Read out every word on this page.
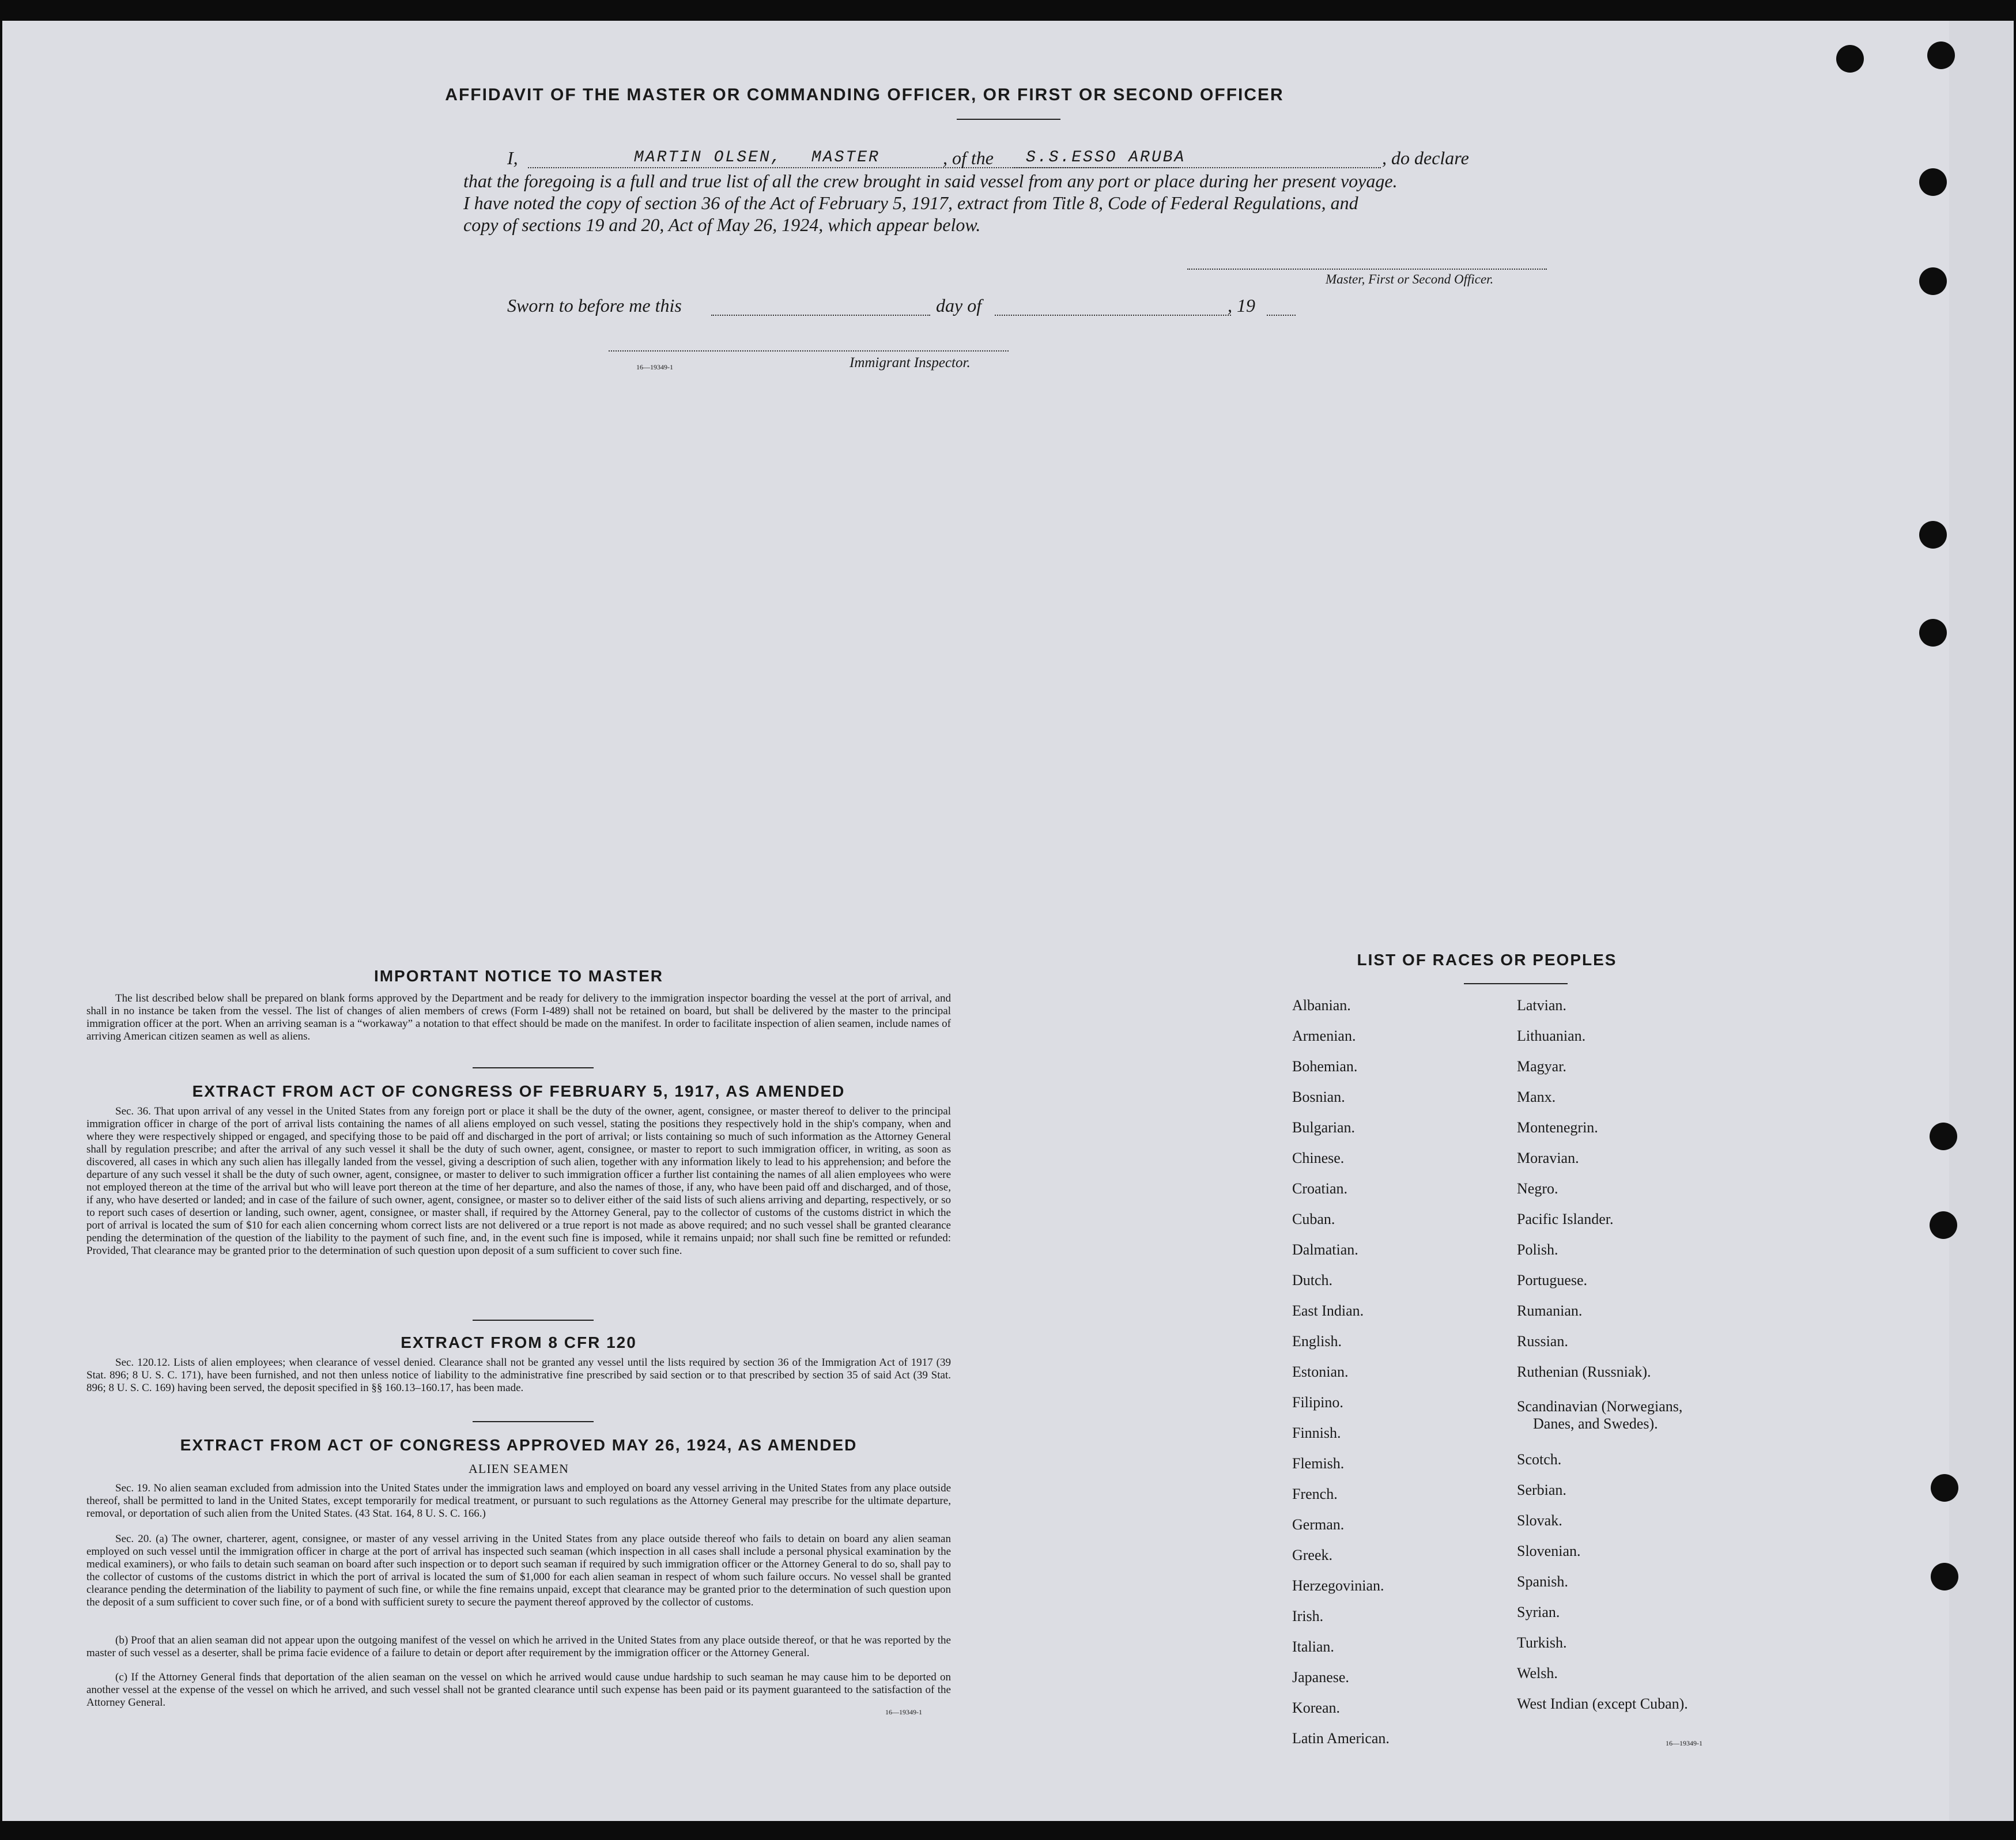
AFFIDAVIT OF THE MASTER OR COMMANDING OFFICER, OR FIRST OR SECOND OFFICER
I,	MARTIN OLSEN, MASTER	, of the S.S.ESSO ARUBA	, do declare
that the foregoing is a full and true list of all the crew brought in said vessel from any port or place during her present voyage.
I have noted the copy of section 36 of the Act of February 5, 1917, extract from Title 8, Code of Federal Regulations, and
copy of sections 19 and 20, Act of May 26, 1924, which appear below.
Master, First or Second Officer.
Sworn to before me this	day of	, 19
16—19349-1	Immigrant Inspector.
IMPORTANT NOTICE TO MASTER
The list described below shall be prepared on blank forms approved by the Department and be ready for delivery to the immigration inspector boarding the vessel at the port of arrival, and shall in no instance be taken from the vessel. The list of changes of alien members of crews (Form I-489) shall not be retained on board, but shall be delivered by the master to the principal immigration officer at the port. When an arriving seaman is a “workaway” a notation to that effect should be made on the manifest. In order to facilitate inspection of alien seamen, include names of arriving American citizen seamen as well as aliens.
EXTRACT FROM ACT OF CONGRESS OF FEBRUARY 5, 1917, AS AMENDED
Sec. 36. That upon arrival of any vessel in the United States from any foreign port or place it shall be the duty of the owner, agent, consignee, or master thereof to deliver to the principal immigration officer in charge of the port of arrival lists containing the names of all aliens employed on such vessel, stating the positions they respectively hold in the ship's company, when and where they were respectively shipped or engaged, and specifying those to be paid off and discharged in the port of arrival; or lists containing so much of such information as the Attorney General shall by regulation prescribe; and after the arrival of any such vessel it shall be the duty of such owner, agent, consignee, or master to report to such immigration officer, in writing, as soon as discovered, all cases in which any such alien has illegally landed from the vessel, giving a description of such alien, together with any information likely to lead to his apprehension; and before the departure of any such vessel it shall be the duty of such owner, agent, consignee, or master to deliver to such immigration officer a further list containing the names of all alien employees who were not employed thereon at the time of the arrival but who will leave port thereon at the time of her departure, and also the names of those, if any, who have been paid off and discharged, and of those, if any, who have deserted or landed; and in case of the failure of such owner, agent, consignee, or master so to deliver either of the said lists of such aliens arriving and departing, respectively, or so to report such cases of desertion or landing, such owner, agent, consignee, or master shall, if required by the Attorney General, pay to the collector of customs of the customs district in which the port of arrival is located the sum of $10 for each alien concerning whom correct lists are not delivered or a true report is not made as above required; and no such vessel shall be granted clearance pending the determination of the question of the liability to the payment of such fine, and, in the event such fine is imposed, while it remains unpaid; nor shall such fine be remitted or refunded: Provided, That clearance may be granted prior to the determination of such question upon deposit of a sum sufficient to cover such fine.
EXTRACT FROM 8 CFR 120
Sec. 120.12. Lists of alien employees; when clearance of vessel denied. Clearance shall not be granted any vessel until the lists required by section 36 of the Immigration Act of 1917 (39 Stat. 896; 8 U. S. C. 171), have been furnished, and not then unless notice of liability to the administrative fine prescribed by said section or to that prescribed by section 35 of said Act (39 Stat. 896; 8 U. S. C. 169) having been served, the deposit specified in §§ 160.13–160.17, has been made.
EXTRACT FROM ACT OF CONGRESS APPROVED MAY 26, 1924, AS AMENDED
ALIEN SEAMEN
Sec. 19. No alien seaman excluded from admission into the United States under the immigration laws and employed on board any vessel arriving in the United States from any place outside thereof, shall be permitted to land in the United States, except temporarily for medical treatment, or pursuant to such regulations as the Attorney General may prescribe for the ultimate departure, removal, or deportation of such alien from the United States. (43 Stat. 164, 8 U. S. C. 166.)
Sec. 20. (a) The owner, charterer, agent, consignee, or master of any vessel arriving in the United States from any place outside thereof who fails to detain on board any alien seaman employed on such vessel until the immigration officer in charge at the port of arrival has inspected such seaman (which inspection in all cases shall include a personal physical examination by the medical examiners), or who fails to detain such seaman on board after such inspection or to deport such seaman if required by such immigration officer or the Attorney General to do so, shall pay to the collector of customs of the customs district in which the port of arrival is located the sum of $1,000 for each alien seaman in respect of whom such failure occurs. No vessel shall be granted clearance pending the determination of the liability to payment of such fine, or while the fine remains unpaid, except that clearance may be granted prior to the determination of such question upon the deposit of a sum sufficient to cover such fine, or of a bond with sufficient surety to secure the payment thereof approved by the collector of customs.
(b) Proof that an alien seaman did not appear upon the outgoing manifest of the vessel on which he arrived in the United States from any place outside thereof, or that he was reported by the master of such vessel as a deserter, shall be prima facie evidence of a failure to detain or deport after requirement by the immigration officer or the Attorney General.
(c) If the Attorney General finds that deportation of the alien seaman on the vessel on which he arrived would cause undue hardship to such seaman he may cause him to be deported on another vessel at the expense of the vessel on which he arrived, and such vessel shall not be granted clearance until such expense has been paid or its payment guaranteed to the satisfaction of the Attorney General.
16—19349-1
LIST OF RACES OR PEOPLES
Albanian.
Armenian.
Bohemian.
Bosnian.
Bulgarian.
Chinese.
Croatian.
Cuban.
Dalmatian.
Dutch.
East Indian.
English.
Estonian.
Filipino.
Finnish.
Flemish.
French.
German.
Greek.
Herzegovinian.
Irish.
Italian.
Japanese.
Korean.
Latin American.
Latvian.
Lithuanian.
Magyar.
Manx.
Montenegrin.
Moravian.
Negro.
Pacific Islander.
Polish.
Portuguese.
Rumanian.
Russian.
Ruthenian (Russniak).
Scandinavian (Norwegians,
Danes, and Swedes).
Scotch.
Serbian.
Slovak.
Slovenian.
Spanish.
Syrian.
Turkish.
Welsh.
West Indian (except Cuban).
16—19349-1
